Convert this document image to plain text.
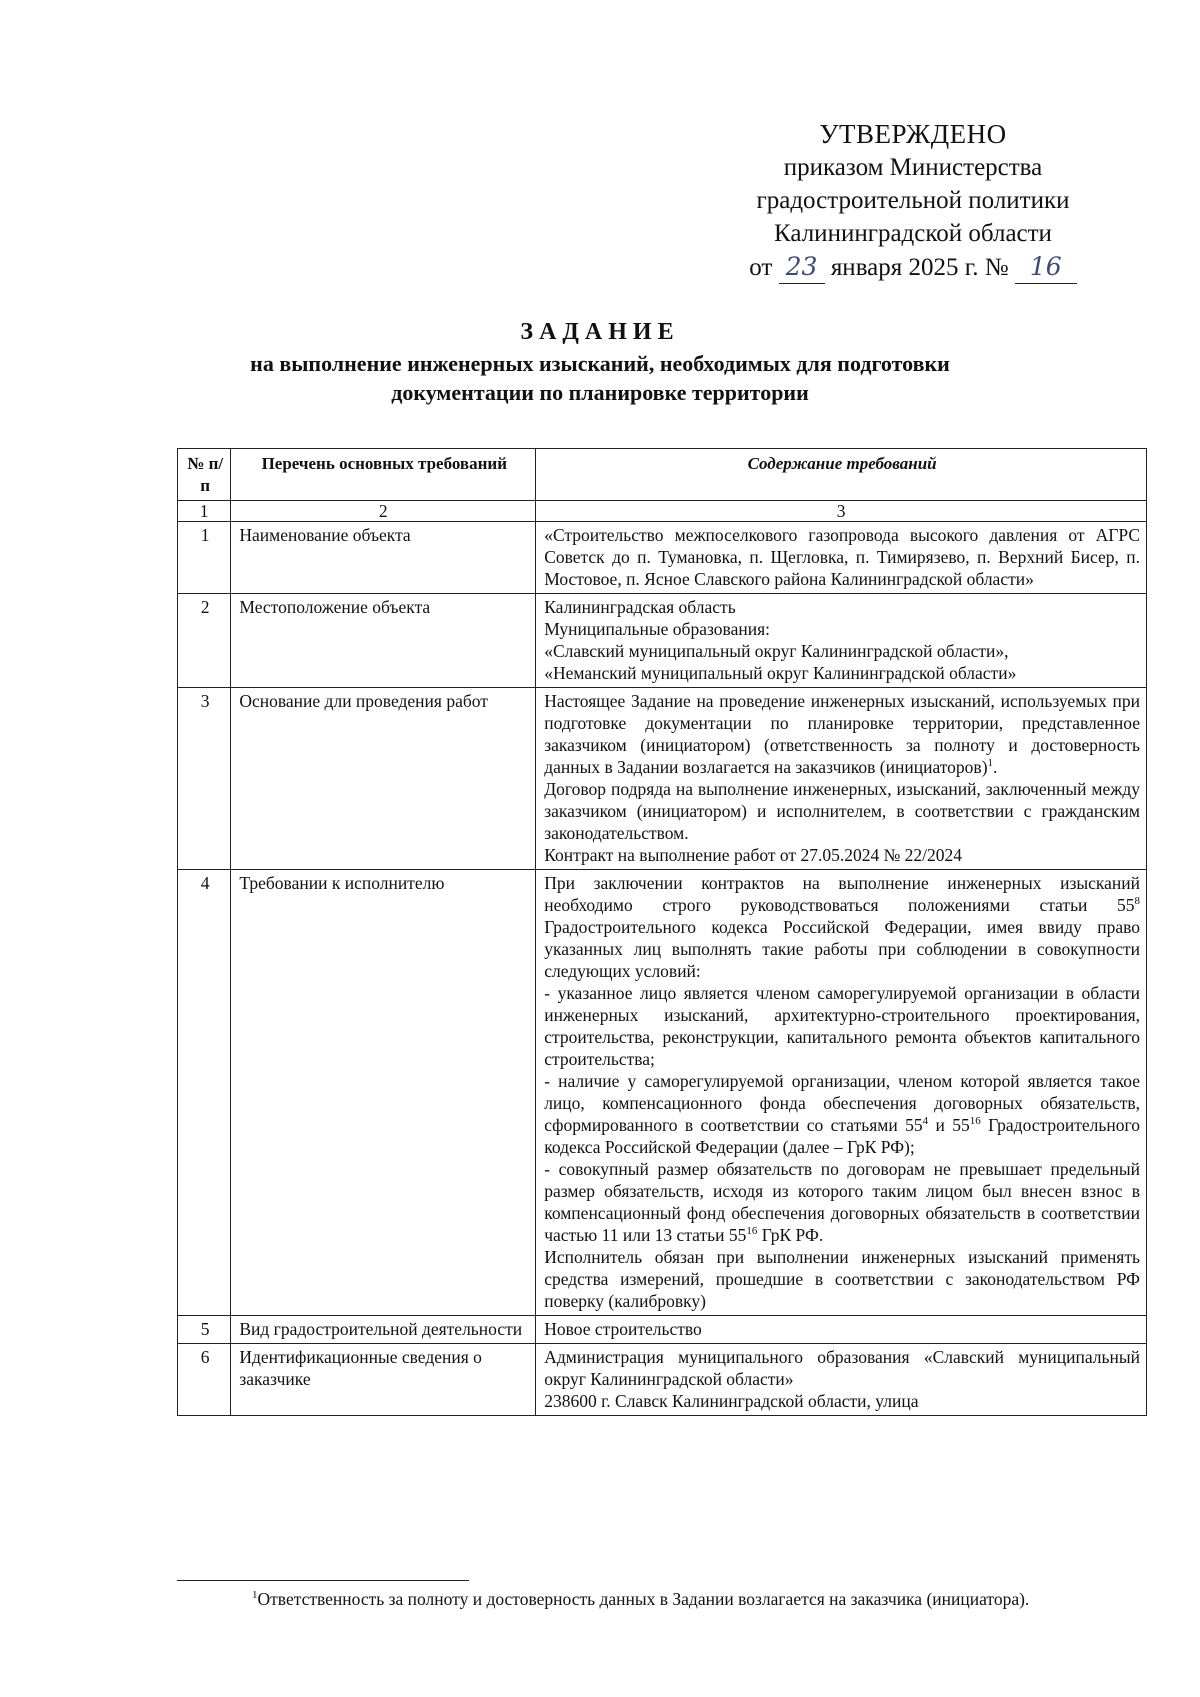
УТВЕРЖДЕНО
приказом Министерства
градостроительной политики
Калининградской области
от 23 января 2025 г. № 16
ЗАДАНИЕ
на выполнение инженерных изысканий, необходимых для подготовки
документации по планировке территории
№ п/п	Перечень основных требований	Содержание требований
1	2	3
1	Наименование объекта	«Строительство межпоселкового газопровода высокого давления от АГРС Советск до п. Тумановка, п. Щегловка, п. Тимирязево, п. Верхний Бисер, п. Мостовое, п. Ясное Славского района Калининградской области»

2	Местоположение объекта	Калининградская область

Муниципальные образования:

«Славский муниципальный округ Калининградской области»,

«Неманский муниципальный округ Калининградской области»

3	Основание дли проведения работ	Настоящее Задание на проведение инженерных изысканий, используемых при подготовке документации по планировке территории, представленное заказчиком (инициатором) (ответственность за полноту и достоверность данных в Задании возлагается на заказчиков (инициаторов)$^1$.

Договор подряда на выполнение инженерных, изысканий, заключенный между заказчиком (инициатором) и исполнителем, в соответствии с гражданским законодательством.

Контракт на выполнение работ от 27.05.2024 № 22/2024

4	Требовании к исполнителю	При заключении контрактов на выполнение инженерных изысканий необходимо строго руководствоваться положениями статьи $55^8$ Градостроительного кодекса Российской Федерации, имея ввиду право указанных лиц выполнять такие работы при соблюдении в совокупности следующих условий:

- указанное лицо является членом саморегулируемой организации в области инженерных изысканий, архитектурно-строительного проектирования, строительства, реконструкции, капитального ремонта объектов капитального строительства;

- наличие у саморегулируемой организации, членом которой является такое лицо, компенсационного фонда обеспечения договорных обязательств, сформированного в соответствии со статьями $55^4$ и $55^{16}$ Градостроительного кодекса Российской Федерации (далее – ГрК РФ);

- совокупный размер обязательств по договорам не превышает предельный размер обязательств, исходя из которого таким лицом был внесен взнос в компенсационный фонд обеспечения договорных обязательств в соответствии частью 11 или 13 статьи $55^{16}$ ГрК РФ.

Исполнитель обязан при выполнении инженерных изысканий применять средства измерений, прошедшие в соответствии с законодательством РФ поверку (калибровку)

5	Вид градостроительной деятельности	Новое строительство

6	Идентификационные сведения о заказчике	Администрация муниципального образования «Славский муниципальный округ Калининградской области»

238600 г. Славск Калининградской области, улица

$^1$Ответственность за полноту и достоверность данных в Задании возлагается на заказчика (инициатора).
